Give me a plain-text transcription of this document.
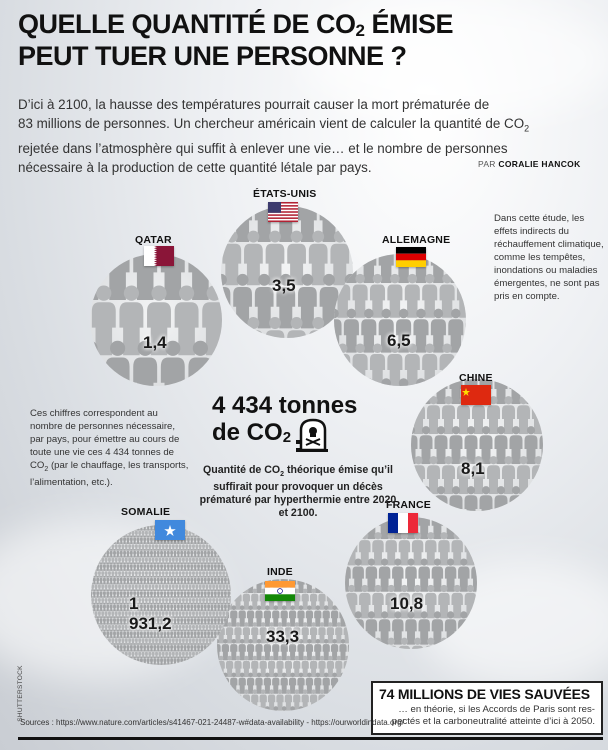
QUELLE QUANTITÉ DE $CO_2$ ÉMISE
PEUT TUER UNE PERSONNE ?
D’ici à 2100, la hausse des températures pourrait causer la mort prématurée de
83 millions de personnes. Un chercheur américain vient de calculer la quantité de $CO_2$
rejetée dans l’atmosphère qui suffit à enlever une vie… et le nombre de personnes
nécessaire à la production de cette quantité létale par pays.	PAR CORALIE HANCOK
Dans cette étude, les effets indirects du réchauffement climatique, comme les tempêtes, inondations ou maladies émergentes, ne sont pas pris en compte.
Ces chiffres correspondent au nombre de personnes nécessaire, par pays, pour émettre au cours de toute une vie ces 4 434 tonnes de $CO_2$ (par le chauffage, les transports, l’alimentation, etc.).
QATAR
1,4
ÉTATS-UNIS
3,5
ALLEMAGNE
6,5
CHINE
8,1
FRANCE
10,8
INDE
33,3
SOMALIE
1 931,2
4 434 tonnes
de $CO_2$
Quantité de $CO_2$ théorique émise qu’il suffirait pour provoquer un décès prématuré par hyperthermie entre 2020 et 2100.
74 MILLIONS DE VIES SAUVÉES
… en théorie, si les Accords de Paris sont res-
pectés et la carboneutralité atteinte d’ici à 2050.
Sources : https://www.nature.com/articles/s41467-021-24487-w#data-availability - https://ourworldindata.org/
SHUTTERSTOCK
